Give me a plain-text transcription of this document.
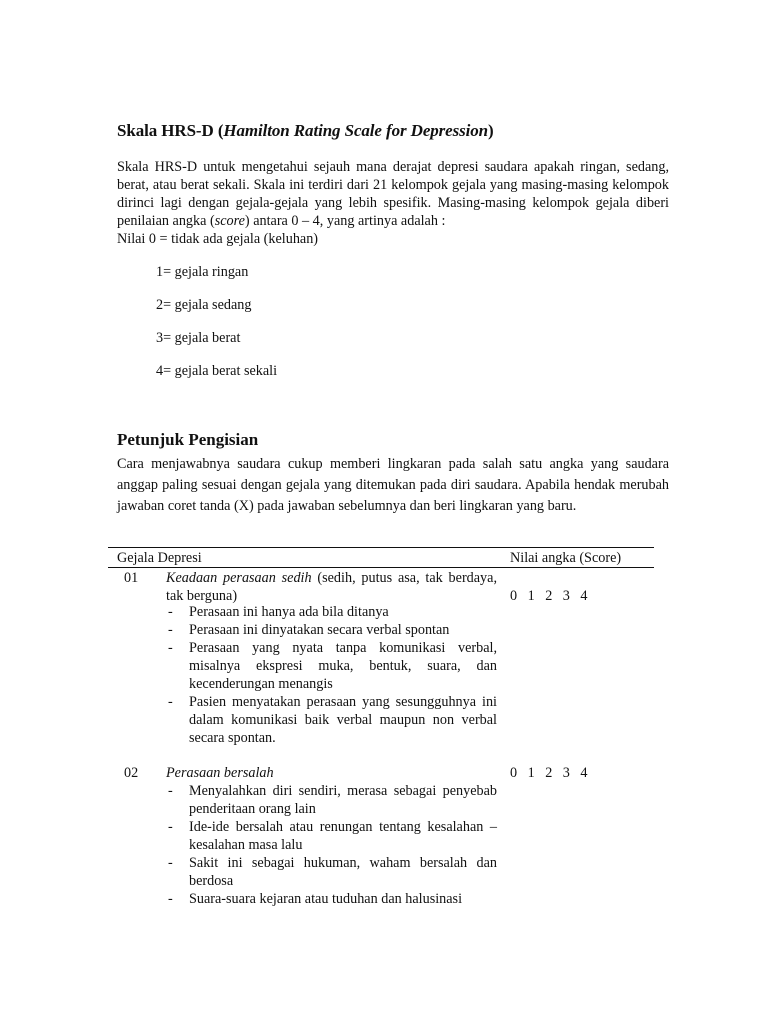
Skala HRS-D (Hamilton Rating Scale for Depression)

Skala HRS-D untuk mengetahui sejauh mana derajat depresi saudara apakah ringan, sedang, berat, atau berat sekali. Skala ini terdiri dari 21 kelompok gejala yang masing-masing kelompok dirinci lagi dengan gejala-gejala yang lebih spesifik. Masing-masing kelompok gejala diberi penilaian angka (score) antara 0 – 4, yang artinya adalah :

Nilai 0 = tidak ada gejala (keluhan)
1= gejala ringan
2= gejala sedang
3= gejala berat
4= gejala berat sekali
Petunjuk Pengisian

Cara menjawabnya saudara cukup memberi lingkaran pada salah satu angka yang saudara anggap paling sesuai dengan gejala yang ditemukan pada diri saudara. Apabila hendak merubah jawaban coret tanda (X) pada jawaban sebelumnya dan beri lingkaran yang baru.

Gejala Depresi	Nilai angka (Score)
01 Keadaan perasaan sedih (sedih, putus asa, tak berdaya, tak berguna)	0 1 2 3 4
- Perasaan ini hanya ada bila ditanya
- Perasaan ini dinyatakan secara verbal spontan
- Perasaan yang nyata tanpa komunikasi verbal, misalnya ekspresi muka, bentuk, suara, dan kecenderungan menangis
- Pasien menyatakan perasaan yang sesungguhnya ini dalam komunikasi baik verbal maupun non verbal secara spontan.
02 Perasaan bersalah	0 1 2 3 4
- Menyalahkan diri sendiri, merasa sebagai penyebab penderitaan orang lain
- Ide-ide bersalah atau renungan tentang kesalahan – kesalahan masa lalu
- Sakit ini sebagai hukuman, waham bersalah dan berdosa
- Suara-suara kejaran atau tuduhan dan halusinasi
